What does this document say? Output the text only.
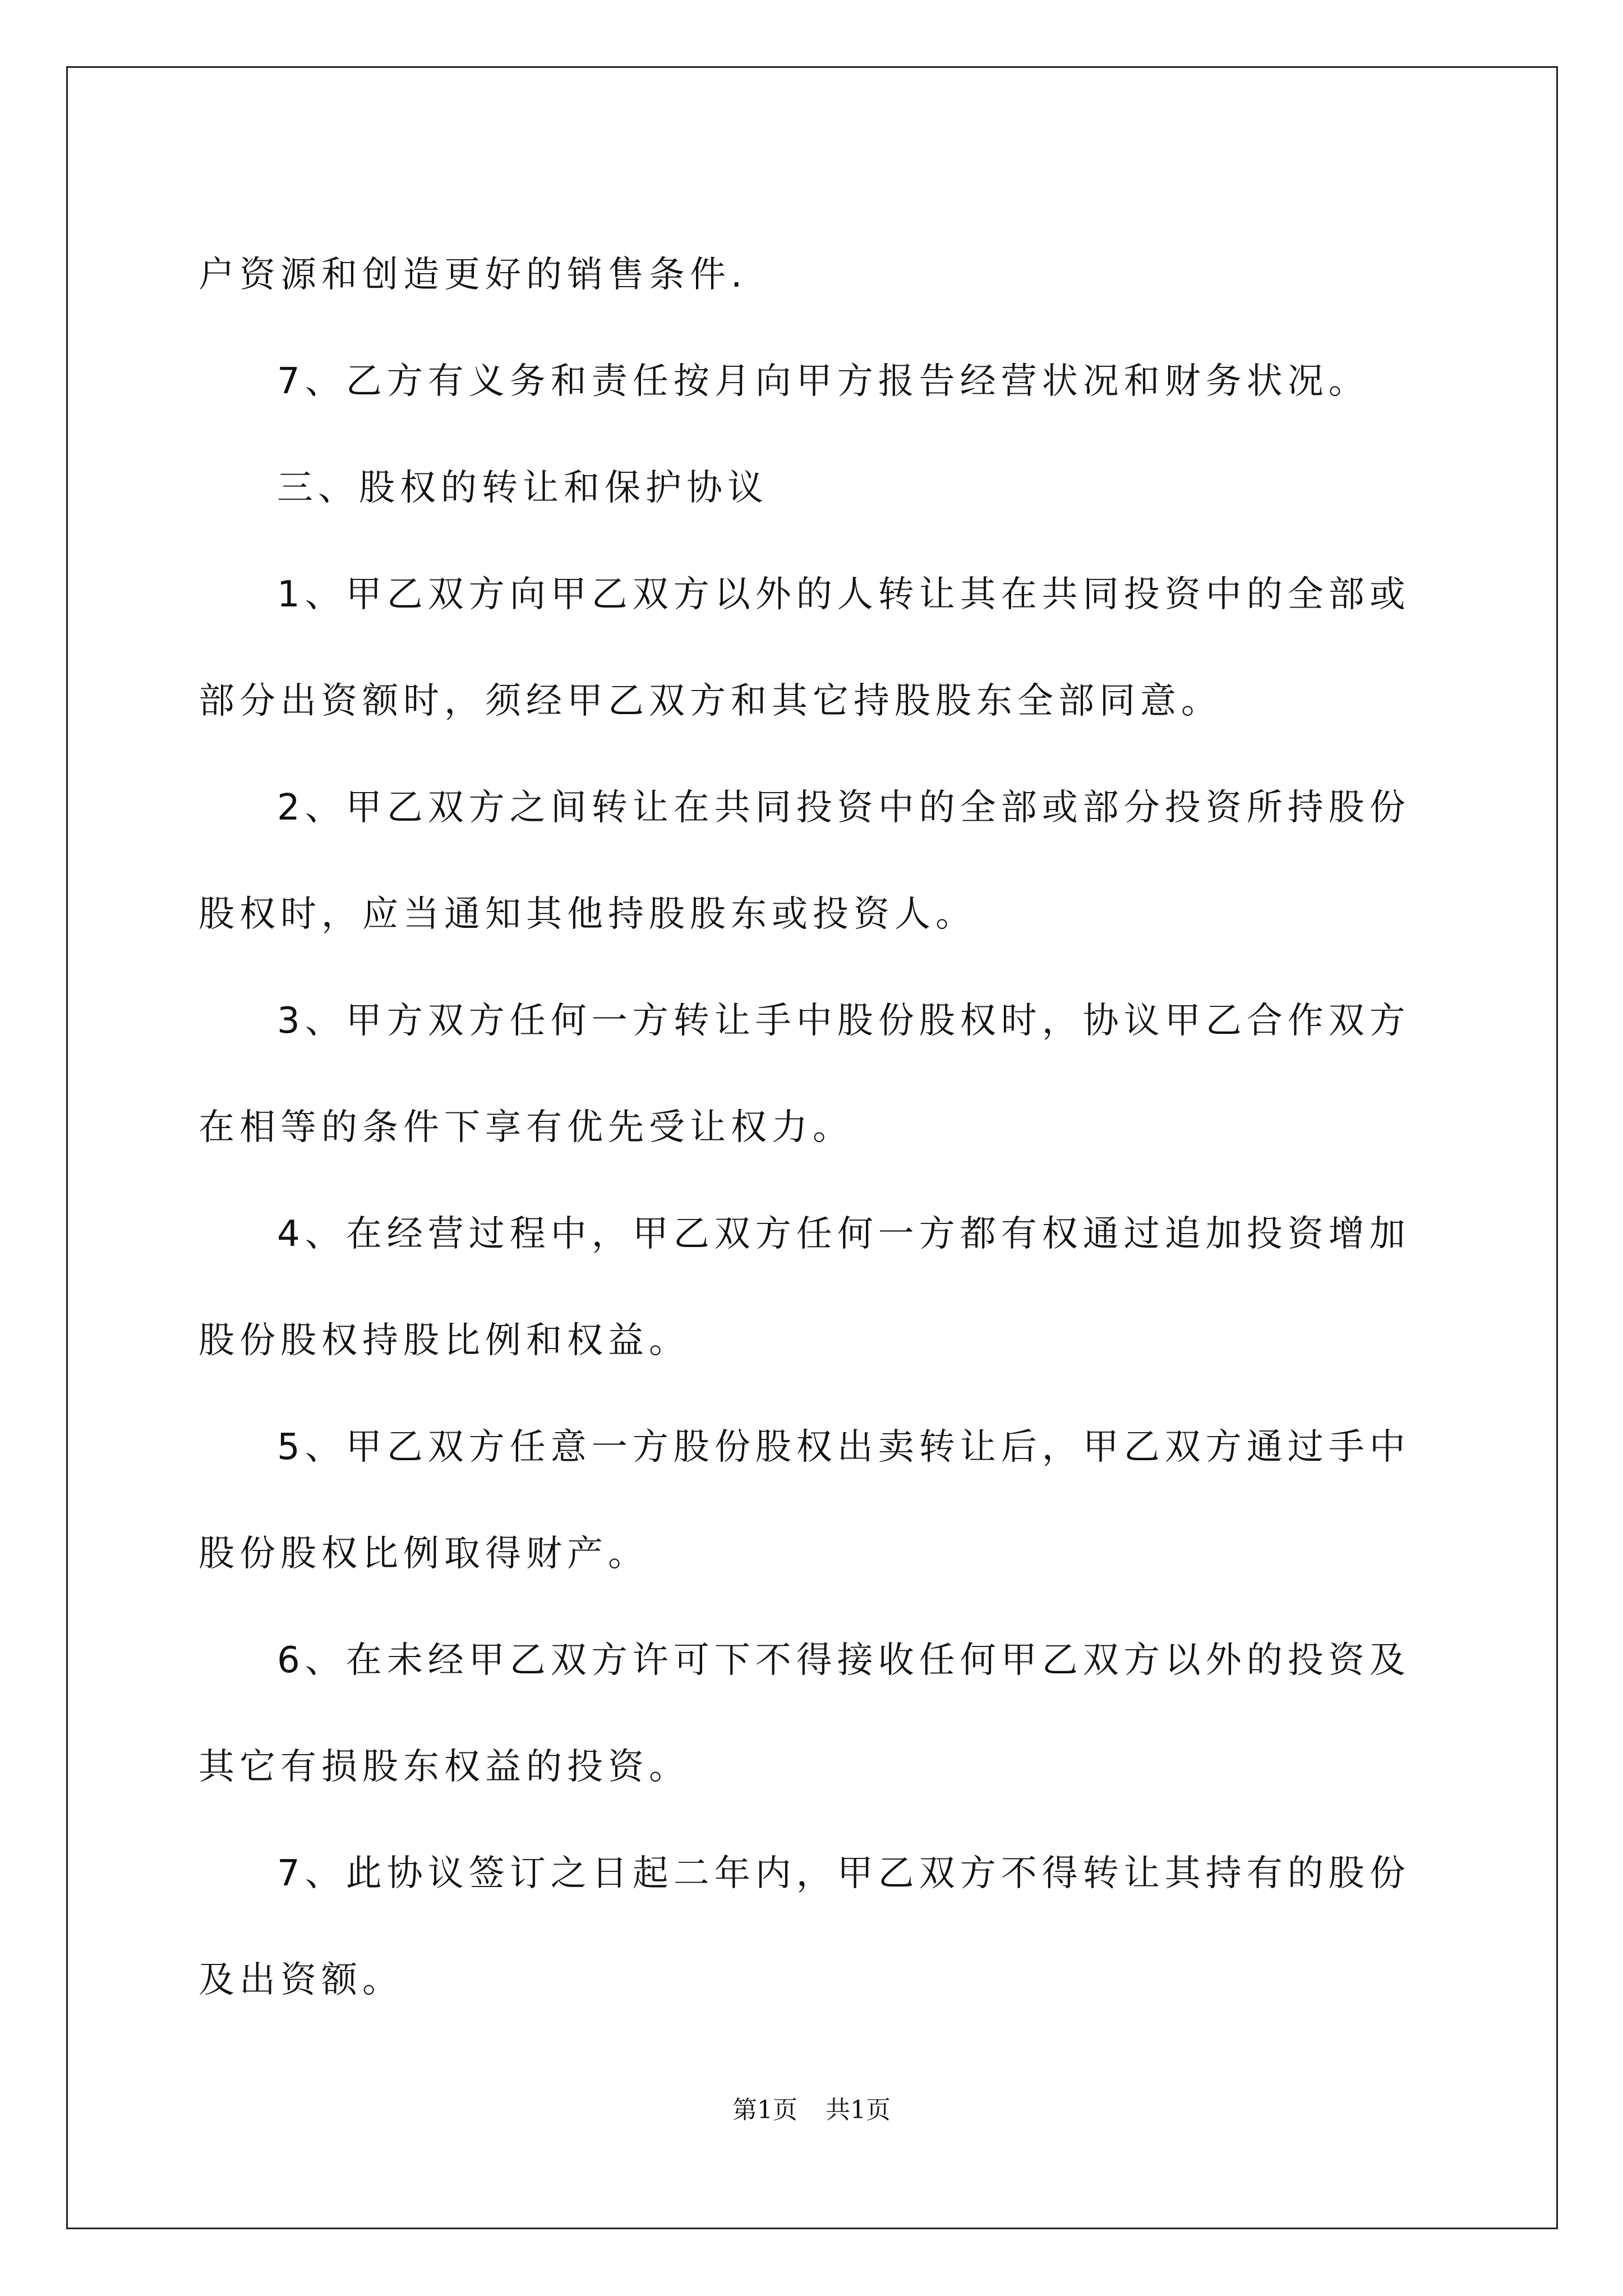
户资源和创造更好的销售条件.

7、乙方有义务和责任按月向甲方报告经营状况和财务状况。

三、股权的转让和保护协议

1、甲乙双方向甲乙双方以外的人转让其在共同投资中的全部或部分出资额时，须经甲乙双方和其它持股股东全部同意。

2、甲乙双方之间转让在共同投资中的全部或部分投资所持股份股权时，应当通知其他持股股东或投资人。

3、甲方双方任何一方转让手中股份股权时，协议甲乙合作双方在相等的条件下享有优先受让权力。

4、在经营过程中，甲乙双方任何一方都有权通过追加投资增加股份股权持股比例和权益。

5、甲乙双方任意一方股份股权出卖转让后，甲乙双方通过手中股份股权比例取得财产。

6、在未经甲乙双方许可下不得接收任何甲乙双方以外的投资及其它有损股东权益的投资。

7、此协议签订之日起二年内，甲乙双方不得转让其持有的股份及出资额。

第1页 共1页
